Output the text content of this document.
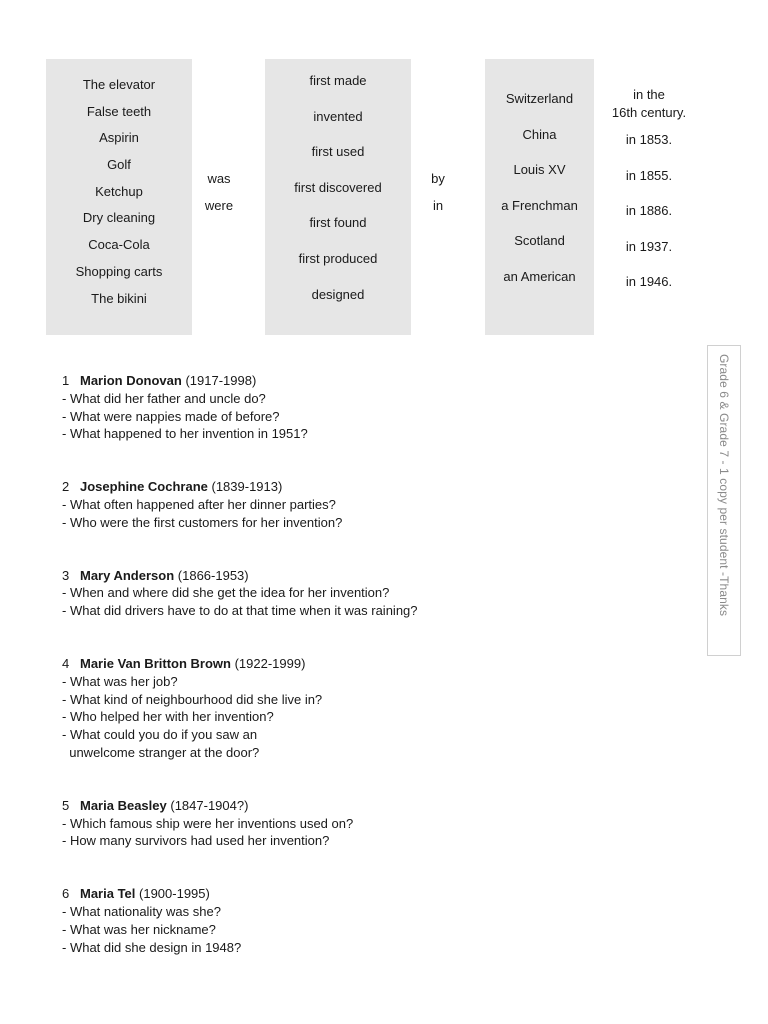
The elevator
False teeth
Aspirin
Golf
Ketchup
Dry cleaning
Coca-Cola
Shopping carts
The bikini
was
were
first made
invented
first used
first discovered
first found
first produced
designed
by
in
Switzerland
China
Louis XV
a Frenchman
Scotland
an American
in the
16th century.
in 1853.
in 1855.
in 1886.
in 1937.
in 1946.
1 Marion Donovan (1917-1998)
- What did her father and uncle do?
- What were nappies made of before?
- What happened to her invention in 1951?
2 Josephine Cochrane (1839-1913)
- What often happened after her dinner parties?
- Who were the first customers for her invention?
3 Mary Anderson (1866-1953)
- When and where did she get the idea for her invention?
- What did drivers have to do at that time when it was raining?
4 Marie Van Britton Brown (1922-1999)
- What was her job?
- What kind of neighbourhood did she live in?
- Who helped her with her invention?
- What could you do if you saw an
unwelcome stranger at the door?
5 Maria Beasley (1847-1904?)
- Which famous ship were her inventions used on?
- How many survivors had used her invention?
6 Maria Tel (1900-1995)
- What nationality was she?
- What was her nickname?
- What did she design in 1948?
Grade 6 & Grade 7 - 1 copy per student -Thanks
